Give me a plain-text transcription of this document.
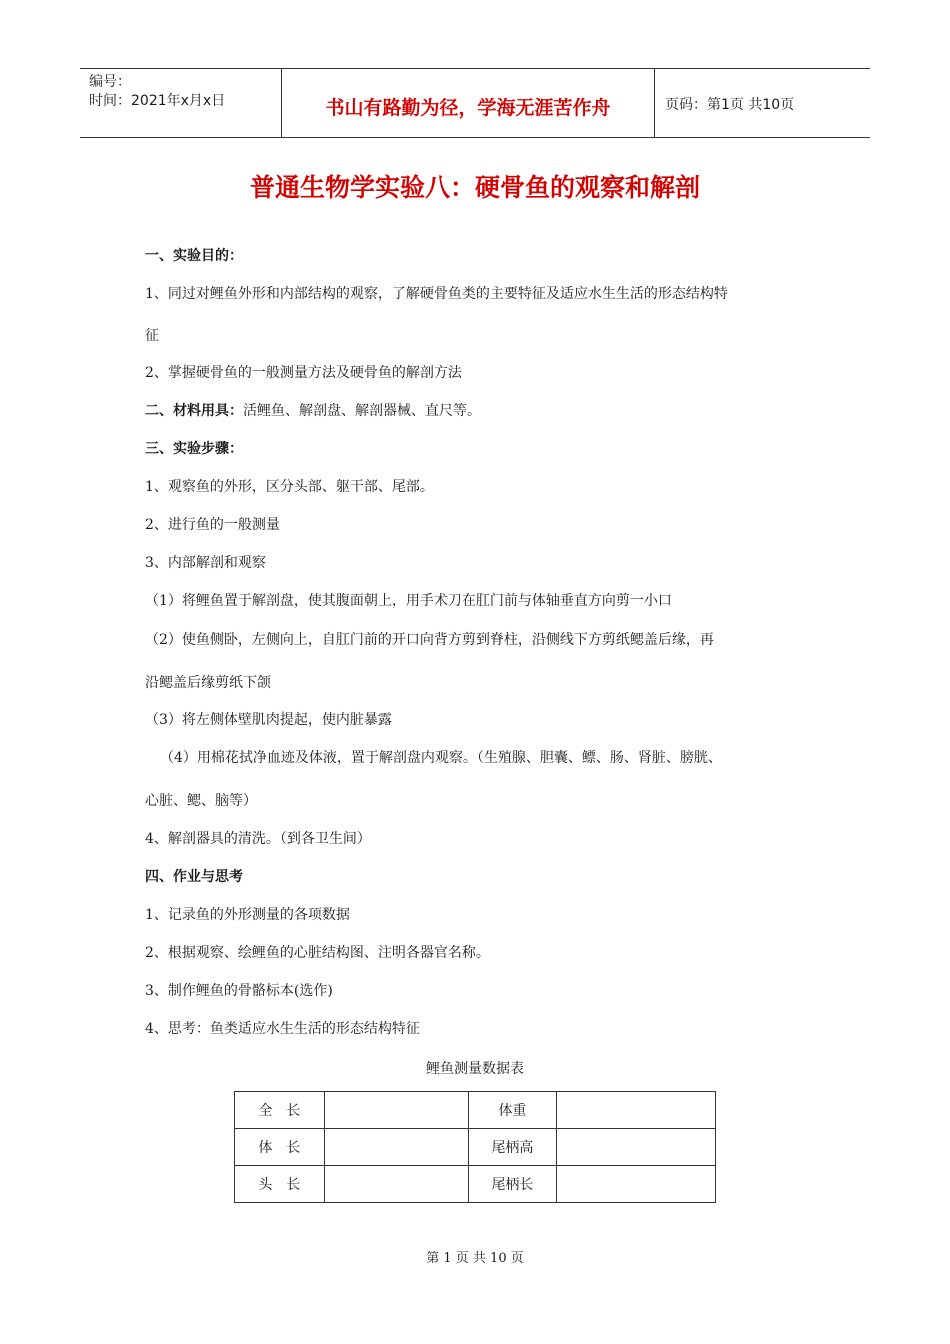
编号：
时间：2021年x月x日	书山有路勤为径，学海无涯苦作舟	页码：第1页 共10页
普通生物学实验八：硬骨鱼的观察和解剖
一、实验目的：
1、同过对鲤鱼外形和内部结构的观察，了解硬骨鱼类的主要特征及适应水生生活的形态结构特
征
2、掌握硬骨鱼的一般测量方法及硬骨鱼的解剖方法
二、材料用具：活鲤鱼、解剖盘、解剖器械、直尺等。
三、实验步骤：
1、观察鱼的外形，区分头部、躯干部、尾部。
2、进行鱼的一般测量
3、内部解剖和观察
（1）将鲤鱼置于解剖盘，使其腹面朝上，用手术刀在肛门前与体轴垂直方向剪一小口
（2）使鱼侧卧，左侧向上，自肛门前的开口向背方剪到脊柱，沿侧线下方剪纸鳃盖后缘，再
沿鳃盖后缘剪纸下颌
（3）将左侧体壁肌肉提起，使内脏暴露
（4）用棉花拭净血迹及体液，置于解剖盘内观察。（生殖腺、胆囊、鳔、肠、肾脏、膀胱、
心脏、鳃、脑等）
4、解剖器具的清洗。（到各卫生间）
四、作业与思考
1、记录鱼的外形测量的各项数据
2、根据观察、绘鲤鱼的心脏结构图、注明各器官名称。
3、制作鲤鱼的骨骼标本(选作)
4、思考：鱼类适应水生生活的形态结构特征
鲤鱼测量数据表
全　长		体重	
体　长		尾柄高	
头　长		尾柄长	
第 1 页 共 10 页
